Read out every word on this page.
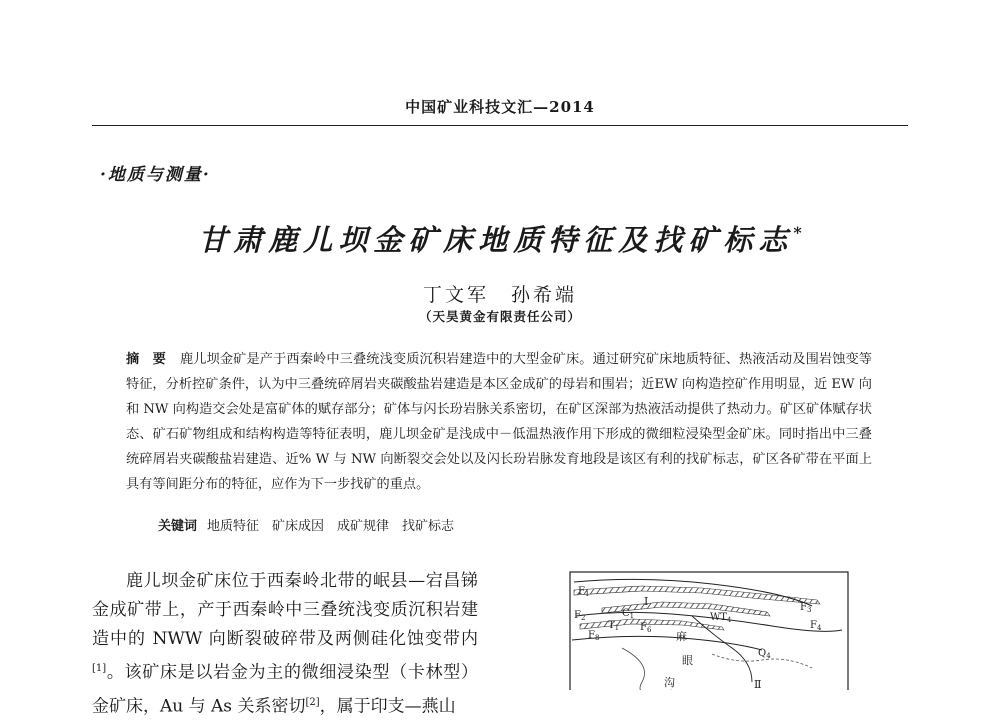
中国矿业科技文汇—2014
·地质与测量·
甘肃鹿儿坝金矿床地质特征及找矿标志*
丁文军　孙希端
（天昊黄金有限责任公司）
摘　要 鹿儿坝金矿是产于西秦岭中三叠统浅变质沉积岩建造中的大型金矿床。通过研究矿床地质特征、热液活动及围岩蚀变等特征，分析控矿条件，认为中三叠统碎屑岩夹碳酸盐岩建造是本区金成矿的母岩和围岩；近EW 向构造控矿作用明显，近 EW 向和 NW 向构造交会处是富矿体的赋存部分；矿体与闪长玢岩脉关系密切，在矿区深部为热液活动提供了热动力。矿区矿体赋存状态、矿石矿物组成和结构构造等特征表明，鹿儿坝金矿是浅成中－低温热液作用下形成的微细粒浸染型金矿床。同时指出中三叠统碎屑岩夹碳酸盐岩建造、近% W 与 NW 向断裂交会处以及闪长玢岩脉发育地段是该区有利的找矿标志，矿区各矿带在平面上具有等间距分布的特征，应作为下一步找矿的重点。
关键词 地质特征　矿床成因　成矿规律　找矿标志
鹿儿坝金矿床位于西秦岭北带的岷县—宕昌锑金成矿带上，产于西秦岭中三叠统浅变质沉积岩建造中的 NWW 向断裂破碎带及两侧硅化蚀变带内[1]。该矿床是以岩金为主的微细浸染型（卡林型）金矿床，Au 与 As 关系密切[2]，属于印支—燕山
$F_1$
Ⅰ
$F_2$	$C_1$
$T_1$
$F_8$
$F_6$
$WT_4$
$F_3$
$F_4$
$Q_4$
麻
眼
沟	Ⅱ
